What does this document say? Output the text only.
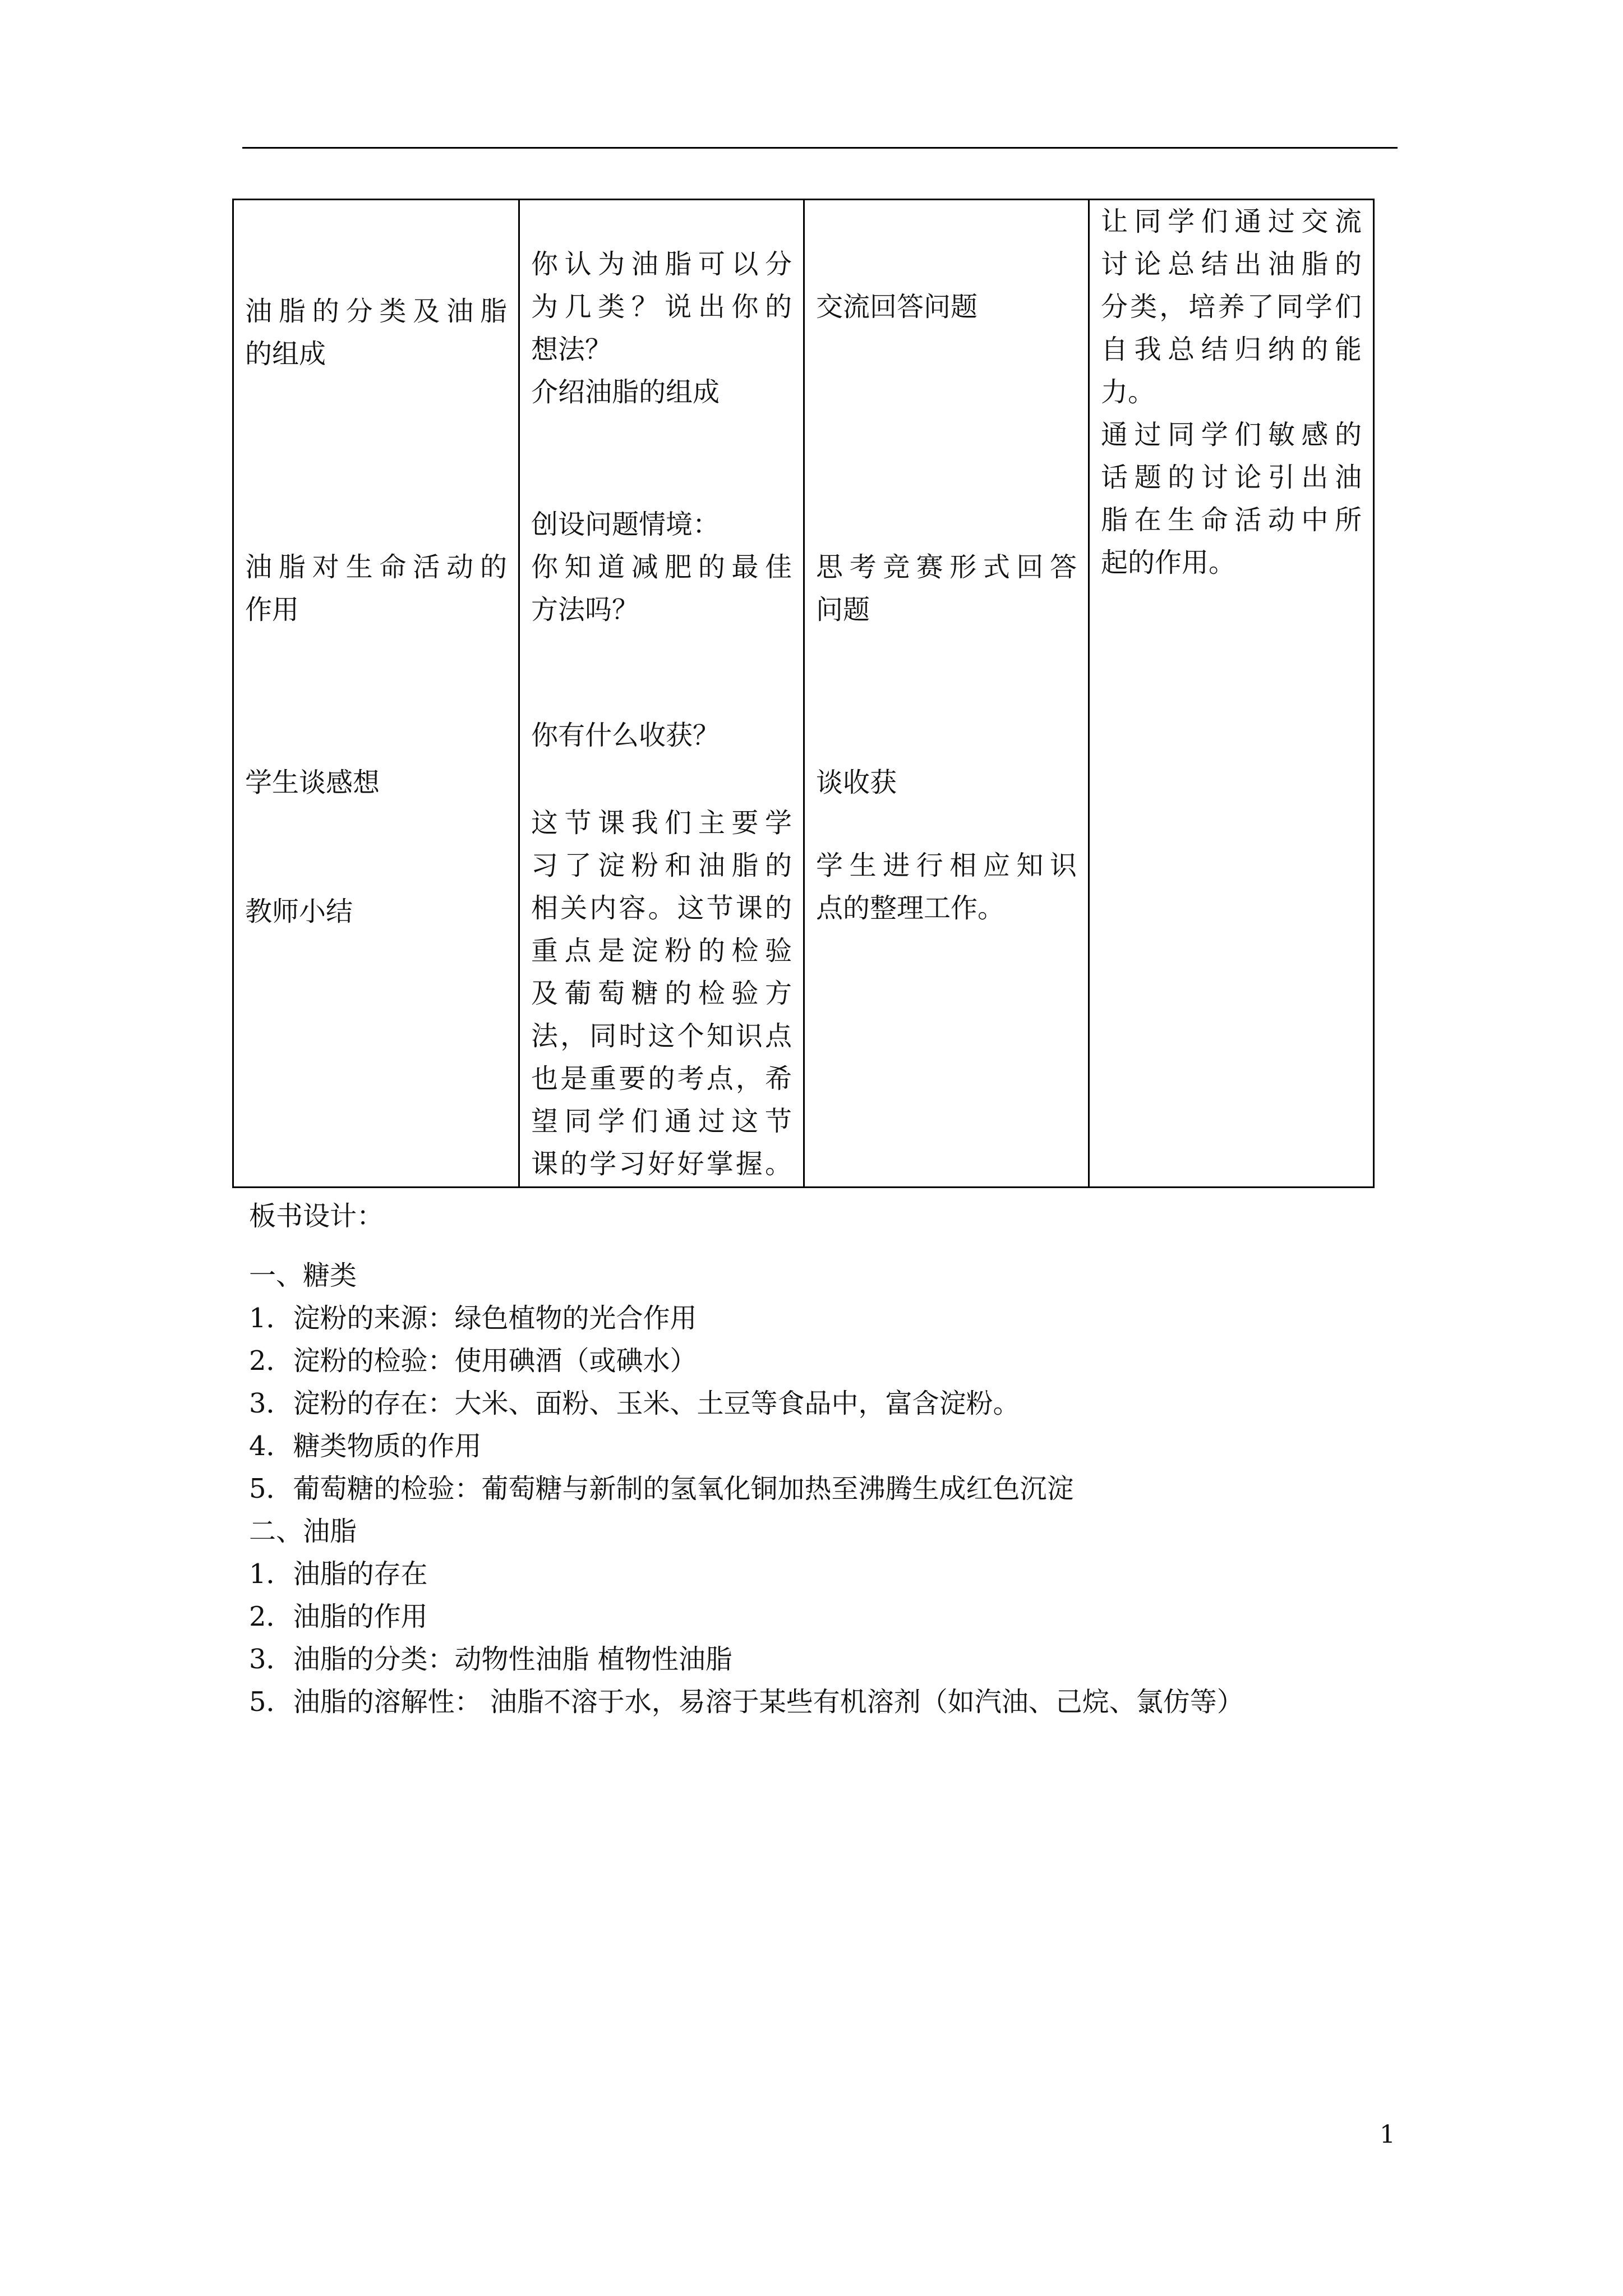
油脂的分类及油脂
的组成
油脂对生命活动的
作用
学生谈感想
教师小结

你认为油脂可以分
为几类？说出你的
想法？
介绍油脂的组成
创设问题情境：
你知道减肥的最佳
方法吗？
你有什么收获？
这节课我们主要学
习了淀粉和油脂的
相关内容。这节课的
重点是淀粉的检验
及葡萄糖的检验方
法，同时这个知识点
也是重要的考点，希
望同学们通过这节
课的学习好好掌握。

交流回答问题
思考竞赛形式回答
问题
谈收获
学生进行相应知识
点的整理工作。

让同学们通过交流
讨论总结出油脂的
分类，培养了同学们
自我总结归纳的能
力。
通过同学们敏感的
话题的讨论引出油
脂在生命活动中所
起的作用。
板书设计：
一、糖类
1．淀粉的来源：绿色植物的光合作用
2．淀粉的检验：使用碘酒（或碘水）
3．淀粉的存在：大米、面粉、玉米、土豆等食品中，富含淀粉。
4．糖类物质的作用
5．葡萄糖的检验：葡萄糖与新制的氢氧化铜加热至沸腾生成红色沉淀
二、油脂
1．油脂的存在
2．油脂的作用
3．油脂的分类：动物性油脂 植物性油脂
5．油脂的溶解性： 油脂不溶于水，易溶于某些有机溶剂（如汽油、己烷、氯仿等）
1
